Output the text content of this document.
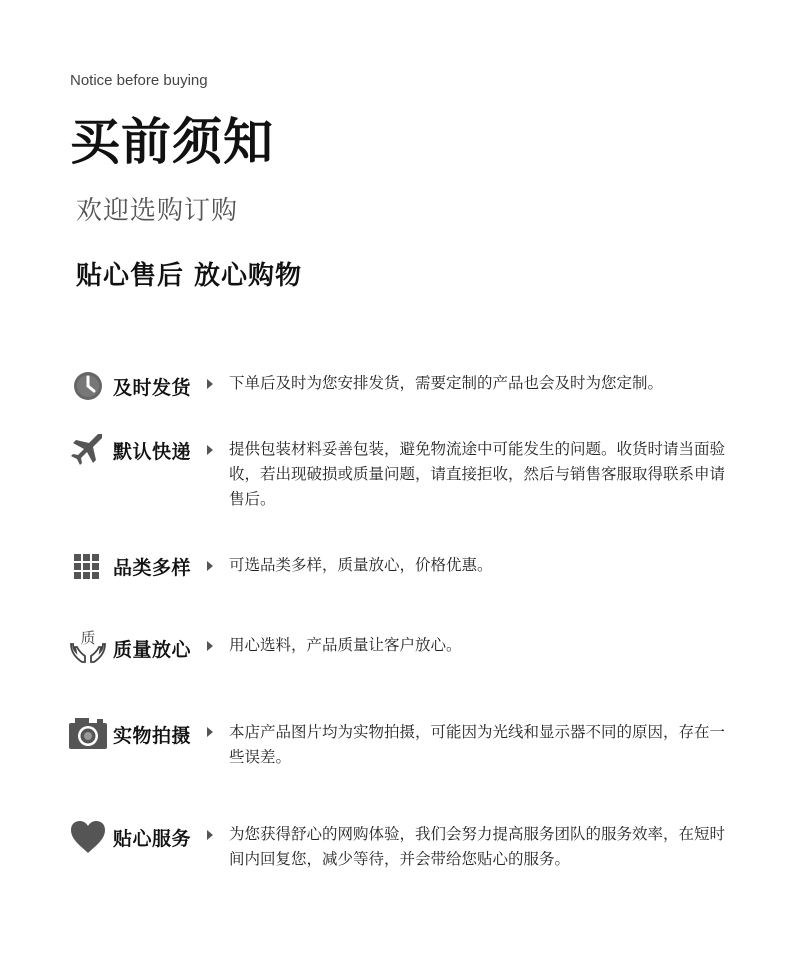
Notice before buying
买前须知
欢迎选购订购
贴心售后 放心购物
及时发货 下单后及时为您安排发货，需要定制的产品也会及时为您定制。
默认快递 提供包装材料妥善包装，避免物流途中可能发生的问题。收货时请当面验收，若出现破损或质量问题，请直接拒收，然后与销售客服取得联系申请售后。
品类多样 可选品类多样，质量放心，价格优惠。
质
质量放心 用心选料，产品质量让客户放心。
实物拍摄 本店产品图片均为实物拍摄，可能因为光线和显示器不同的原因，存在一些误差。
贴心服务 为您获得舒心的网购体验，我们会努力提高服务团队的服务效率，在短时间内回复您，减少等待，并会带给您贴心的服务。
